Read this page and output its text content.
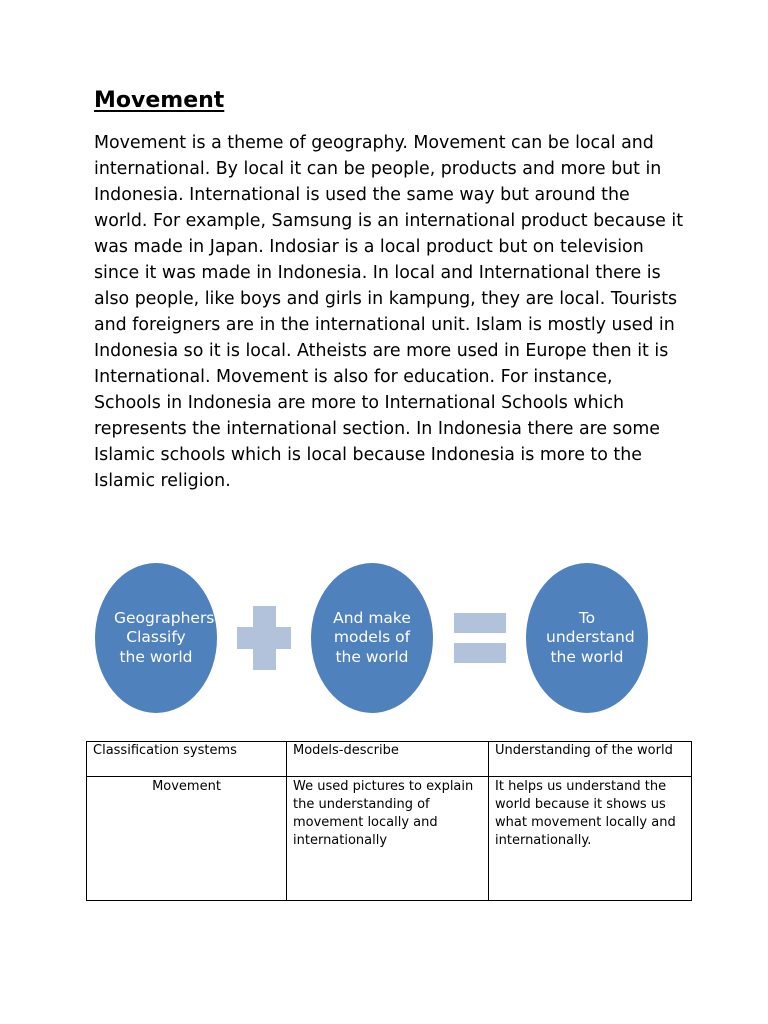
Movement

Movement is a theme of geography. Movement can be local and international. By local it can be people, products and more but in Indonesia. International is used the same way but around the world. For example, Samsung is an international product because it was made in Japan. Indosiar is a local product but on television since it was made in Indonesia. In local and International there is also people, like boys and girls in kampung, they are local. Tourists and foreigners are in the international unit. Islam is mostly used in Indonesia so it is local. Atheists are more used in Europe then it is International. Movement is also for education. For instance, Schools in Indonesia are more to International Schools which represents the international section. In Indonesia there are some Islamic schools which is local because Indonesia is more to the Islamic religion.

Geographers Classify the world
And make models of the world
To understand the world
Classification systems	Models-describe	Understanding of the world
Movement	We used pictures to explain the understanding of movement locally and internationally	It helps us understand the world because it shows us what movement locally and internationally.
